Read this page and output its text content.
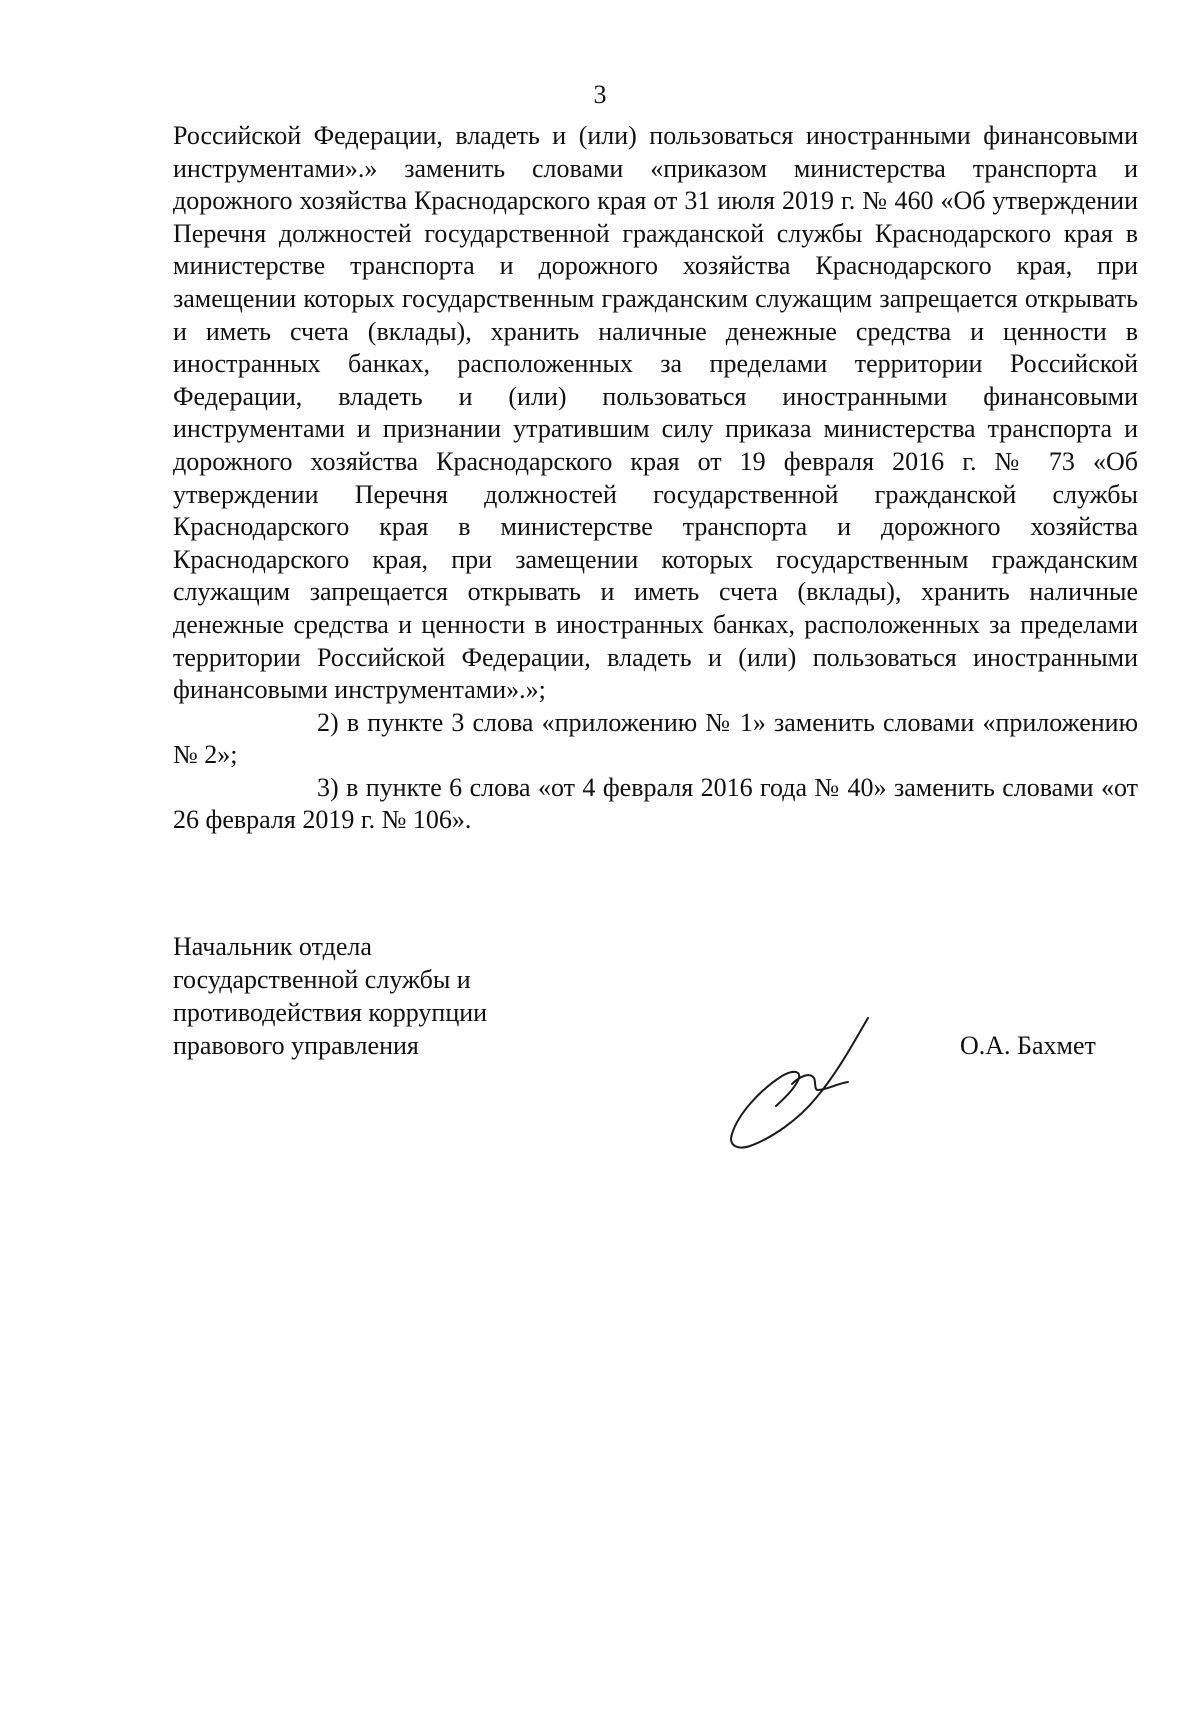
3

Российской Федерации, владеть и (или) пользоваться иностранными финансовыми инструментами».» заменить словами «приказом министерства транспорта и дорожного хозяйства Краснодарского края от 31 июля 2019 г. № 460 «Об утверждении Перечня должностей государственной гражданской службы Краснодарского края в министерстве транспорта и дорожного хозяйства Краснодарского края, при замещении которых государственным гражданским служащим запрещается открывать и иметь счета (вклады), хранить наличные денежные средства и ценности в иностранных банках, расположенных за пределами территории Российской Федерации, владеть и (или) пользоваться иностранными финансовыми инструментами и признании утратившим силу приказа министерства транспорта и дорожного хозяйства Краснодарского края от 19 февраля 2016 г. № 73 «Об утверждении Перечня должностей государственной гражданской службы Краснодарского края в министерстве транспорта и дорожного хозяйства Краснодарского края, при замещении которых государственным гражданским служащим запрещается открывать и иметь счета (вклады), хранить наличные денежные средства и ценности в иностранных банках, расположенных за пределами территории Российской Федерации, владеть и (или) пользоваться иностранными финансовыми инструментами».»;

2) в пункте 3 слова «приложению № 1» заменить словами «приложению № 2»;

3) в пункте 6 слова «от 4 февраля 2016 года № 40» заменить словами «от 26 февраля 2019 г. № 106».

Начальник отдела
государственной службы и
противодействия коррупции
правового управления	О.А. Бахмет
